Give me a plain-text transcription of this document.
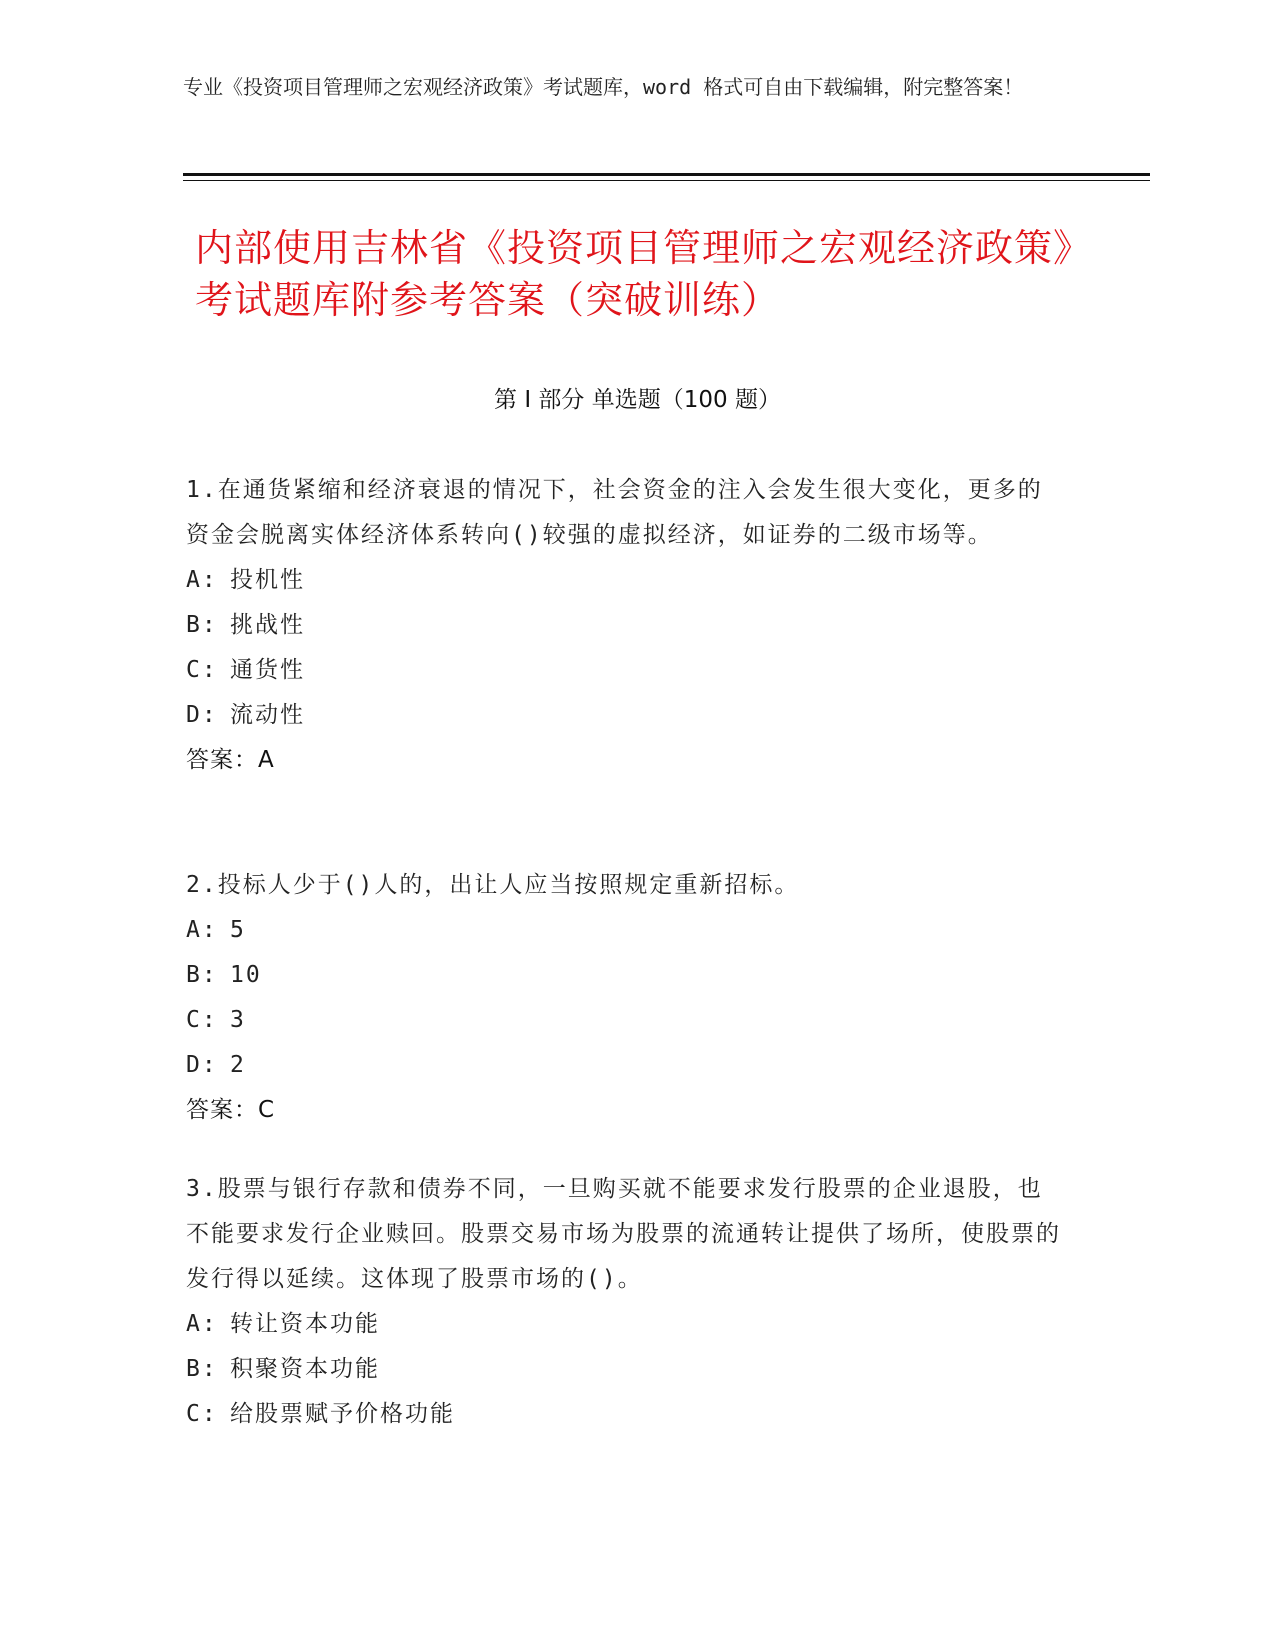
专业《投资项目管理师之宏观经济政策》考试题库，word 格式可自由下载编辑，附完整答案！
内部使用吉林省《投资项目管理师之宏观经济政策》考试题库附参考答案（突破训练）
第 I 部分 单选题（100 题）

1.在通货紧缩和经济衰退的情况下，社会资金的注入会发生很大变化，更多的资金会脱离实体经济体系转向()较强的虚拟经济，如证券的二级市场等。

A: 投机性

B: 挑战性

C: 通货性

D: 流动性

答案：A

2.投标人少于()人的，出让人应当按照规定重新招标。

A: 5

B: 10

C: 3

D: 2

答案：C

3.股票与银行存款和债券不同，一旦购买就不能要求发行股票的企业退股，也不能要求发行企业赎回。股票交易市场为股票的流通转让提供了场所，使股票的发行得以延续。这体现了股票市场的()。

A: 转让资本功能

B: 积聚资本功能

C: 给股票赋予价格功能
